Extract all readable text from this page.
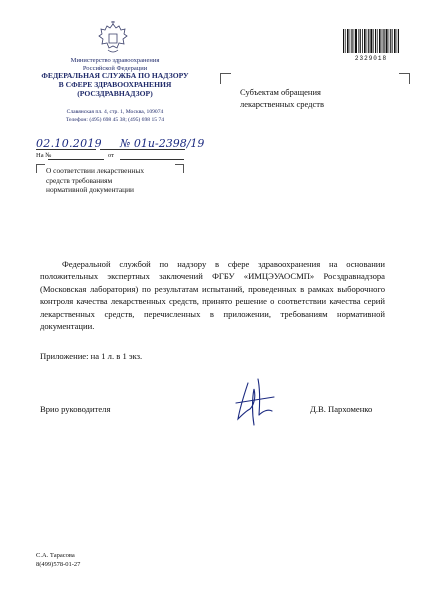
Министерство здравоохранения
Российской Федерации
ФЕДЕРАЛЬНАЯ СЛУЖБА ПО НАДЗОРУ
В СФЕРЕ ЗДРАВООХРАНЕНИЯ
(РОСЗДРАВНАДЗОР)
Славянская пл. 4, стр. 1, Москва, 109074
Телефон: (495) 698 45 38; (495) 698 15 74
2329018
Субъектам обращения
лекарственных средств
02.10.2019 № 01и-2398/19
На №	от
О соответствии лекарственных
средств требованиям
нормативной документации
Федеральной службой по надзору в сфере здравоохранения на основании положительных экспертных заключений ФГБУ «ИМЦЭУАОСМП» Росздравнадзора (Московская лаборатория) по результатам испытаний, проведенных в рамках выборочного контроля качества лекарственных средств, принято решение о соответствии качества серий лекарственных средств, перечисленных в приложении, требованиям нормативной документации.
Приложение: на 1 л. в 1 экз.
Врио руководителя	Д.В. Пархоменко
С.А. Тарасова
8(499)578-01-27
